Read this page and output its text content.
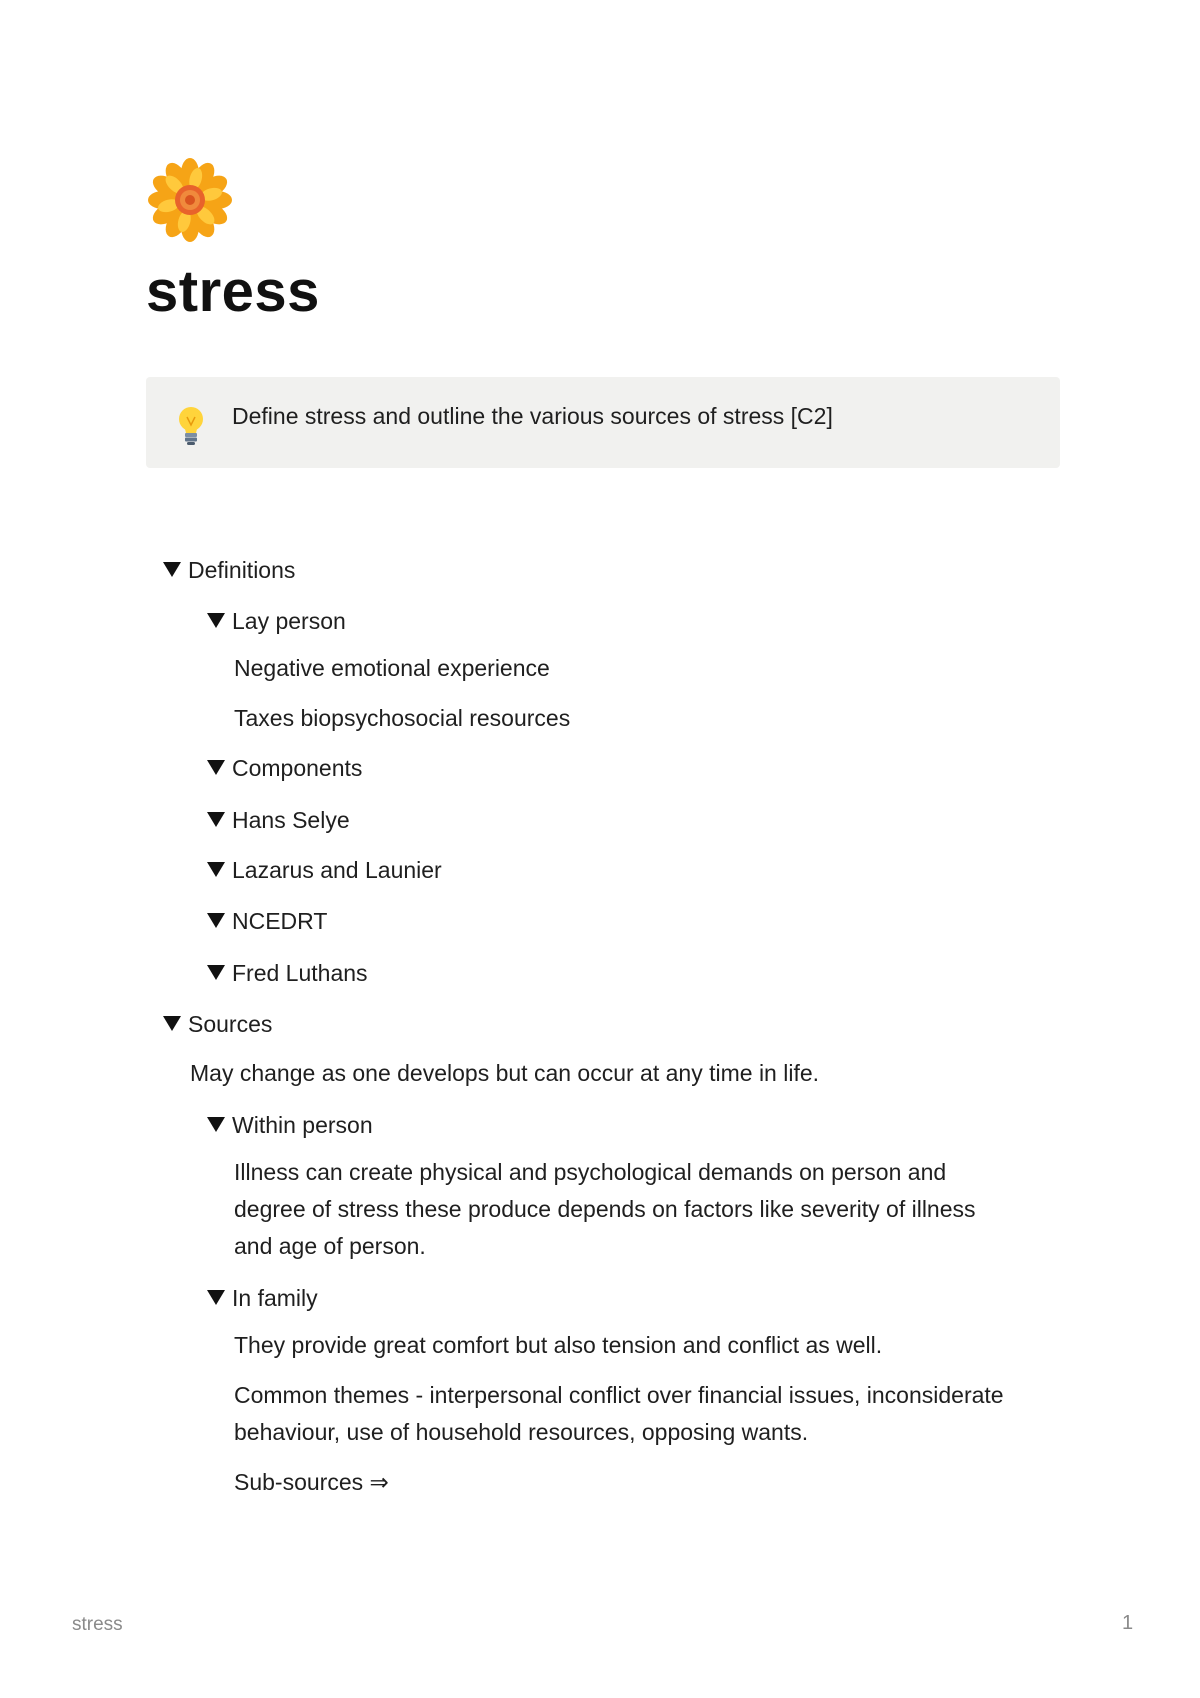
stress
Define stress and outline the various sources of stress [C2]
Definitions
Lay person
Negative emotional experience
Taxes biopsychosocial resources
Components
Hans Selye
Lazarus and Launier
NCEDRT
Fred Luthans
Sources
May change as one develops but can occur at any time in life.
Within person
Illness can create physical and psychological demands on person and
degree of stress these produce depends on factors like severity of illness
and age of person.
In family
They provide great comfort but also tension and conflict as well.
Common themes - interpersonal conflict over financial issues, inconsiderate
behaviour, use of household resources, opposing wants.
Sub-sources ⇒
stress	1
